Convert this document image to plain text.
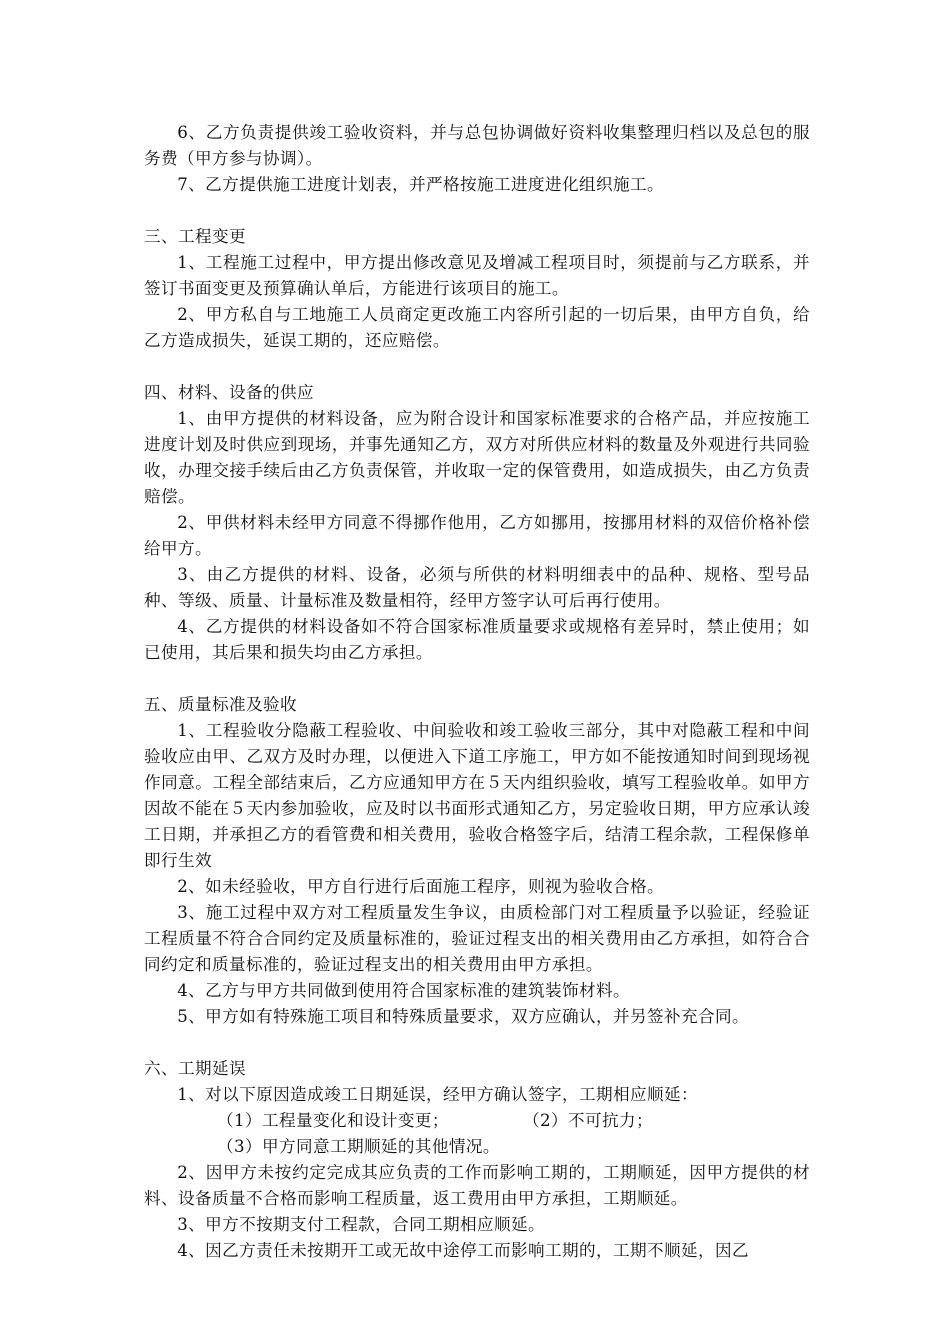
6、乙方负责提供竣工验收资料，并与总包协调做好资料收集整理归档以及总包的服务费（甲方参与协调）。

7、乙方提供施工进度计划表，并严格按施工进度进化组织施工。

三、工程变更

1、工程施工过程中，甲方提出修改意见及增减工程项目时，须提前与乙方联系，并签订书面变更及预算确认单后，方能进行该项目的施工。

2、甲方私自与工地施工人员商定更改施工内容所引起的一切后果，由甲方自负，给乙方造成损失，延误工期的，还应赔偿。

四、材料、设备的供应

1、由甲方提供的材料设备，应为附合设计和国家标准要求的合格产品，并应按施工进度计划及时供应到现场，并事先通知乙方，双方对所供应材料的数量及外观进行共同验收，办理交接手续后由乙方负责保管，并收取一定的保管费用，如造成损失，由乙方负责赔偿。

2、甲供材料未经甲方同意不得挪作他用，乙方如挪用，按挪用材料的双倍价格补偿给甲方。

3、由乙方提供的材料、设备，必须与所供的材料明细表中的品种、规格、型号品种、等级、质量、计量标准及数量相符，经甲方签字认可后再行使用。

4、乙方提供的材料设备如不符合国家标准质量要求或规格有差异时，禁止使用；如已使用，其后果和损失均由乙方承担。

五、质量标准及验收

1、工程验收分隐蔽工程验收、中间验收和竣工验收三部分，其中对隐蔽工程和中间验收应由甲、乙双方及时办理，以便进入下道工序施工，甲方如不能按通知时间到现场视作同意。工程全部结束后，乙方应通知甲方在５天内组织验收，填写工程验收单。如甲方因故不能在５天内参加验收，应及时以书面形式通知乙方，另定验收日期，甲方应承认竣工日期，并承担乙方的看管费和相关费用，验收合格签字后，结清工程余款，工程保修单即行生效

2、如未经验收，甲方自行进行后面施工程序，则视为验收合格。

3、施工过程中双方对工程质量发生争议，由质检部门对工程质量予以验证，经验证工程质量不符合合同约定及质量标准的，验证过程支出的相关费用由乙方承担，如符合合同约定和质量标准的，验证过程支出的相关费用由甲方承担。

4、乙方与甲方共同做到使用符合国家标准的建筑装饰材料。

5、甲方如有特殊施工项目和特殊质量要求，双方应确认，并另签补充合同。

六、工期延误

1、对以下原因造成竣工日期延误，经甲方确认签字，工期相应顺延：

（1）工程量变化和设计变更；	（2）不可抗力；

（3）甲方同意工期顺延的其他情况。

2、因甲方未按约定完成其应负责的工作而影响工期的，工期顺延，因甲方提供的材料、设备质量不合格而影响工程质量，返工费用由甲方承担，工期顺延。

3、甲方不按期支付工程款，合同工期相应顺延。

4、因乙方责任未按期开工或无故中途停工而影响工期的，工期不顺延，因乙
